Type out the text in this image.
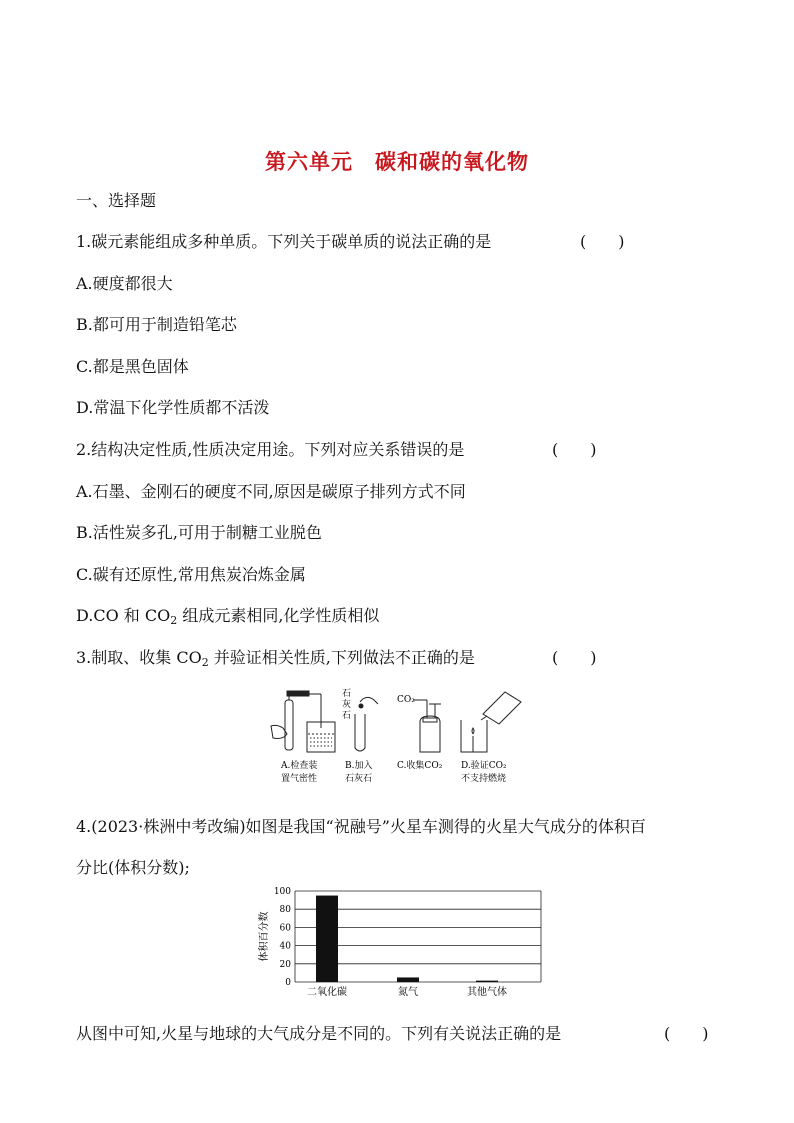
第六单元　碳和碳的氧化物
一、选择题
1.碳元素能组成多种单质。下列关于碳单质的说法正确的是	(　　)
A.硬度都很大
B.都可用于制造铅笔芯
C.都是黑色固体
D.常温下化学性质都不活泼
2.结构决定性质,性质决定用途。下列对应关系错误的是	(　　)
A.石墨、金刚石的硬度不同,原因是碳原子排列方式不同
B.活性炭多孔,可用于制糖工业脱色
C.碳有还原性,常用焦炭冶炼金属
D.CO 和 $CO_2$ 组成元素相同,化学性质相似
3.制取、收集 $CO_2$ 并验证相关性质,下列做法不正确的是	(　　)
A.检查装
置气密性
石
灰
石
B.加入
石灰石
CO₂
C.收集CO₂ D.验证CO₂
不支持燃烧
4.(2023·株洲中考改编)如图是我国“祝融号”火星车测得的火星大气成分的体积百
分比(体积分数);
0
20
40
60
80
100
二氧化碳	氮气	其他气体
体积百分数
从图中可知,火星与地球的大气成分是不同的。下列有关说法正确的是	(　　)
